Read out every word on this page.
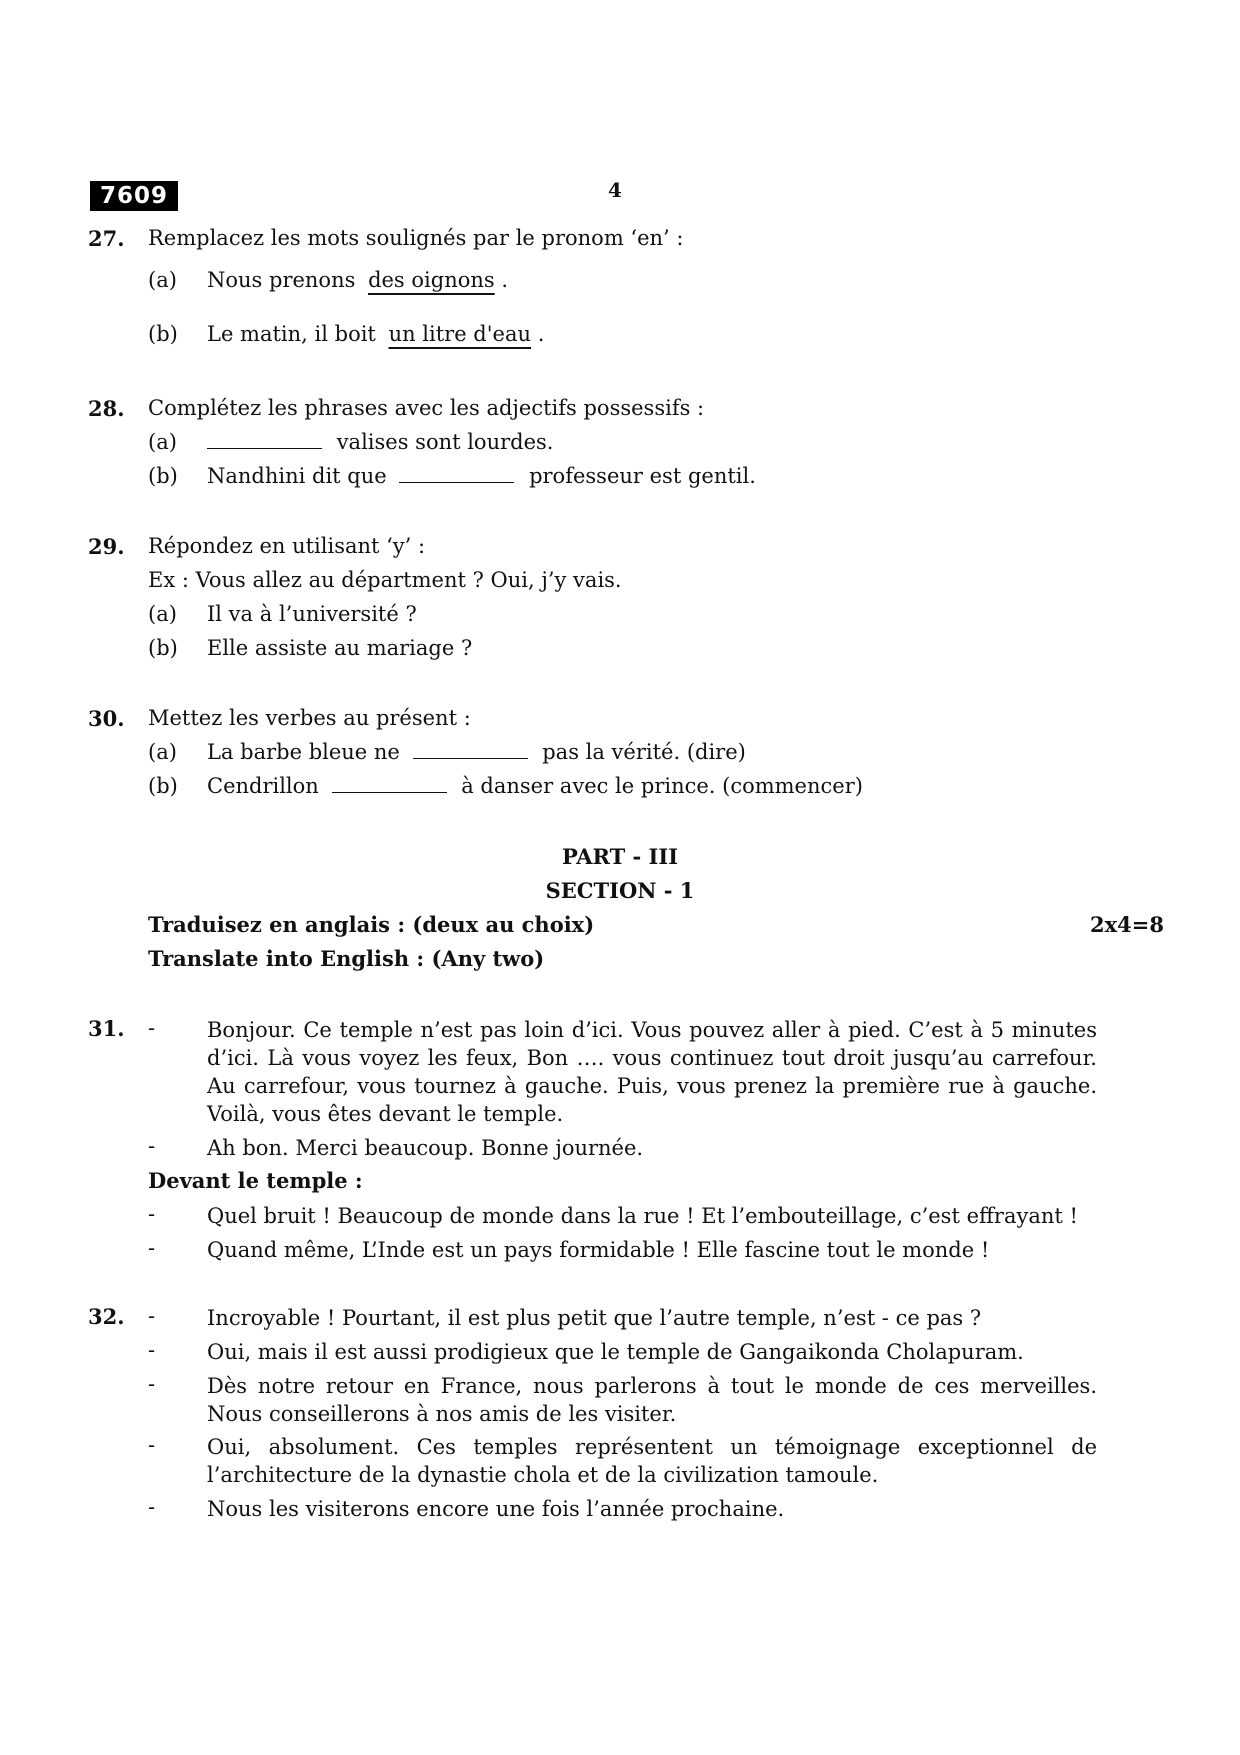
7609	4
27. Remplacez les mots soulignés par le pronom ‘en’ :
(a) Nous prenons des oignons .
(b) Le matin, il boit un litre d'eau .
28. Complétez les phrases avec les adjectifs possessifs :
(a)	valises sont lourdes.
(b) Nandhini dit que	professeur est gentil.
29. Répondez en utilisant ‘y’ :
Ex : Vous allez au départment ? Oui, j’y vais.
(a) Il va à l’université ?
(b) Elle assiste au mariage ?
30. Mettez les verbes au présent :
(a) La barbe bleue ne	pas la vérité. (dire)
(b) Cendrillon	à danser avec le prince. (commencer)
PART - III
SECTION - 1
Traduisez en anglais : (deux au choix)	2x4=8
Translate into English : (Any two)
31. - Bonjour. Ce temple n’est pas loin d’ici. Vous pouvez aller à pied. C’est à 5 minutes d’ici. Là vous voyez les feux, Bon …. vous continuez tout droit jusqu’au carrefour. Au carrefour, vous tournez à gauche. Puis, vous prenez la première rue à gauche. Voilà, vous êtes devant le temple.
- Ah bon. Merci beaucoup. Bonne journée.
Devant le temple :
- Quel bruit ! Beaucoup de monde dans la rue ! Et l’embouteillage, c’est effrayant !
- Quand même, L’Inde est un pays formidable ! Elle fascine tout le monde !
32. - Incroyable ! Pourtant, il est plus petit que l’autre temple, n’est - ce pas ?
- Oui, mais il est aussi prodigieux que le temple de Gangaikonda Cholapuram.
- Dès notre retour en France, nous parlerons à tout le monde de ces merveilles. Nous conseillerons à nos amis de les visiter.
- Oui, absolument. Ces temples représentent un témoignage exceptionnel de l’architecture de la dynastie chola et de la civilization tamoule.
- Nous les visiterons encore une fois l’année prochaine.
